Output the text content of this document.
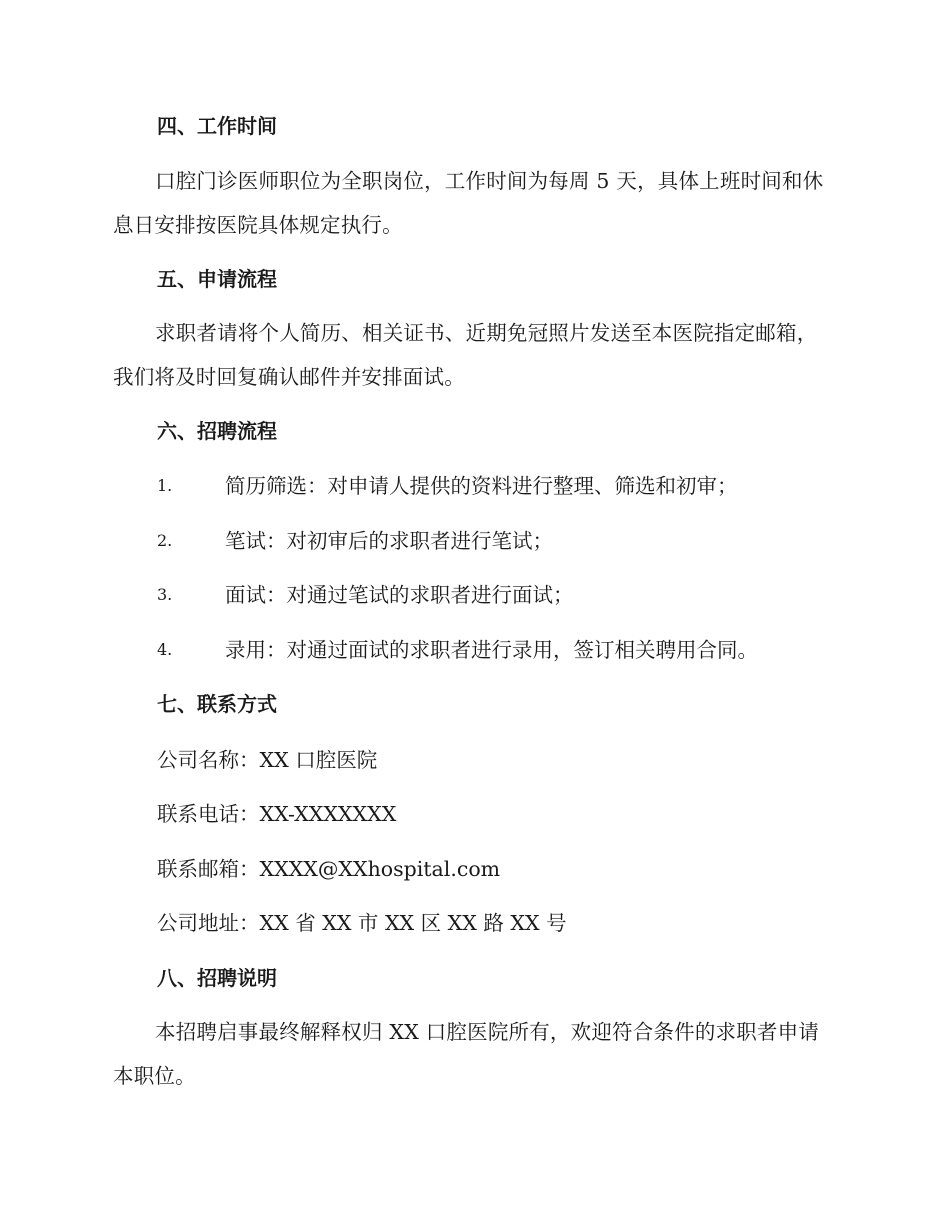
四、工作时间

口腔门诊医师职位为全职岗位，工作时间为每周 5 天，具体上班时间和休息日安排按医院具体规定执行。

五、申请流程

求职者请将个人简历、相关证书、近期免冠照片发送至本医院指定邮箱，我们将及时回复确认邮件并安排面试。

六、招聘流程
1.	简历筛选：对申请人提供的资料进行整理、筛选和初审；
2.	笔试：对初审后的求职者进行笔试；
3.	面试：对通过笔试的求职者进行面试；
4.	录用：对通过面试的求职者进行录用，签订相关聘用合同。
七、联系方式

公司名称：XX 口腔医院

联系电话：XX-XXXXXXX

联系邮箱：XXXX@XXhospital.com

公司地址：XX 省 XX 市 XX 区 XX 路 XX 号

八、招聘说明

本招聘启事最终解释权归 XX 口腔医院所有，欢迎符合条件的求职者申请本职位。
